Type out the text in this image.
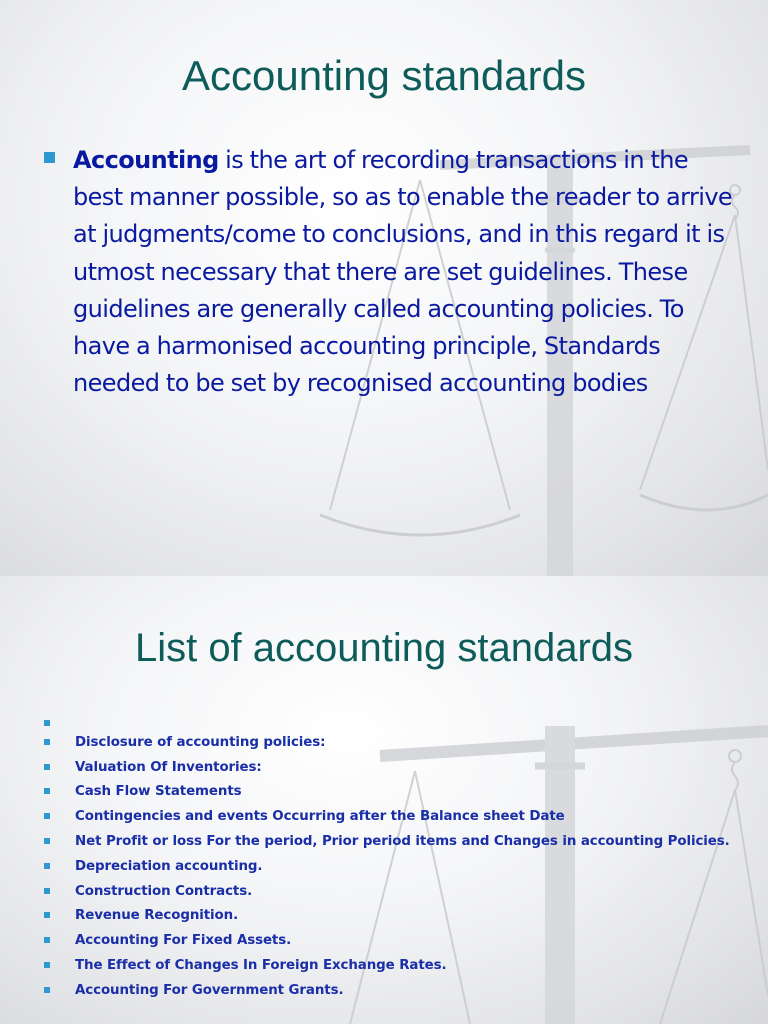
Accounting standards
Accounting is the art of recording transactions in the best manner possible, so as to enable the reader to arrive at judgments/come to conclusions, and in this regard it is utmost necessary that there are set guidelines. These guidelines are generally called accounting policies. To have a harmonised accounting principle, Standards needed to be set by recognised accounting bodies
List of accounting standards
Disclosure of accounting policies:
Valuation Of Inventories:
Cash Flow Statements
Contingencies and events Occurring after the Balance sheet Date
Net Profit or loss For the period, Prior period items and Changes in accounting Policies.
Depreciation accounting.
Construction Contracts.
Revenue Recognition.
Accounting For Fixed Assets.
The Effect of Changes In Foreign Exchange Rates.
Accounting For Government Grants.
